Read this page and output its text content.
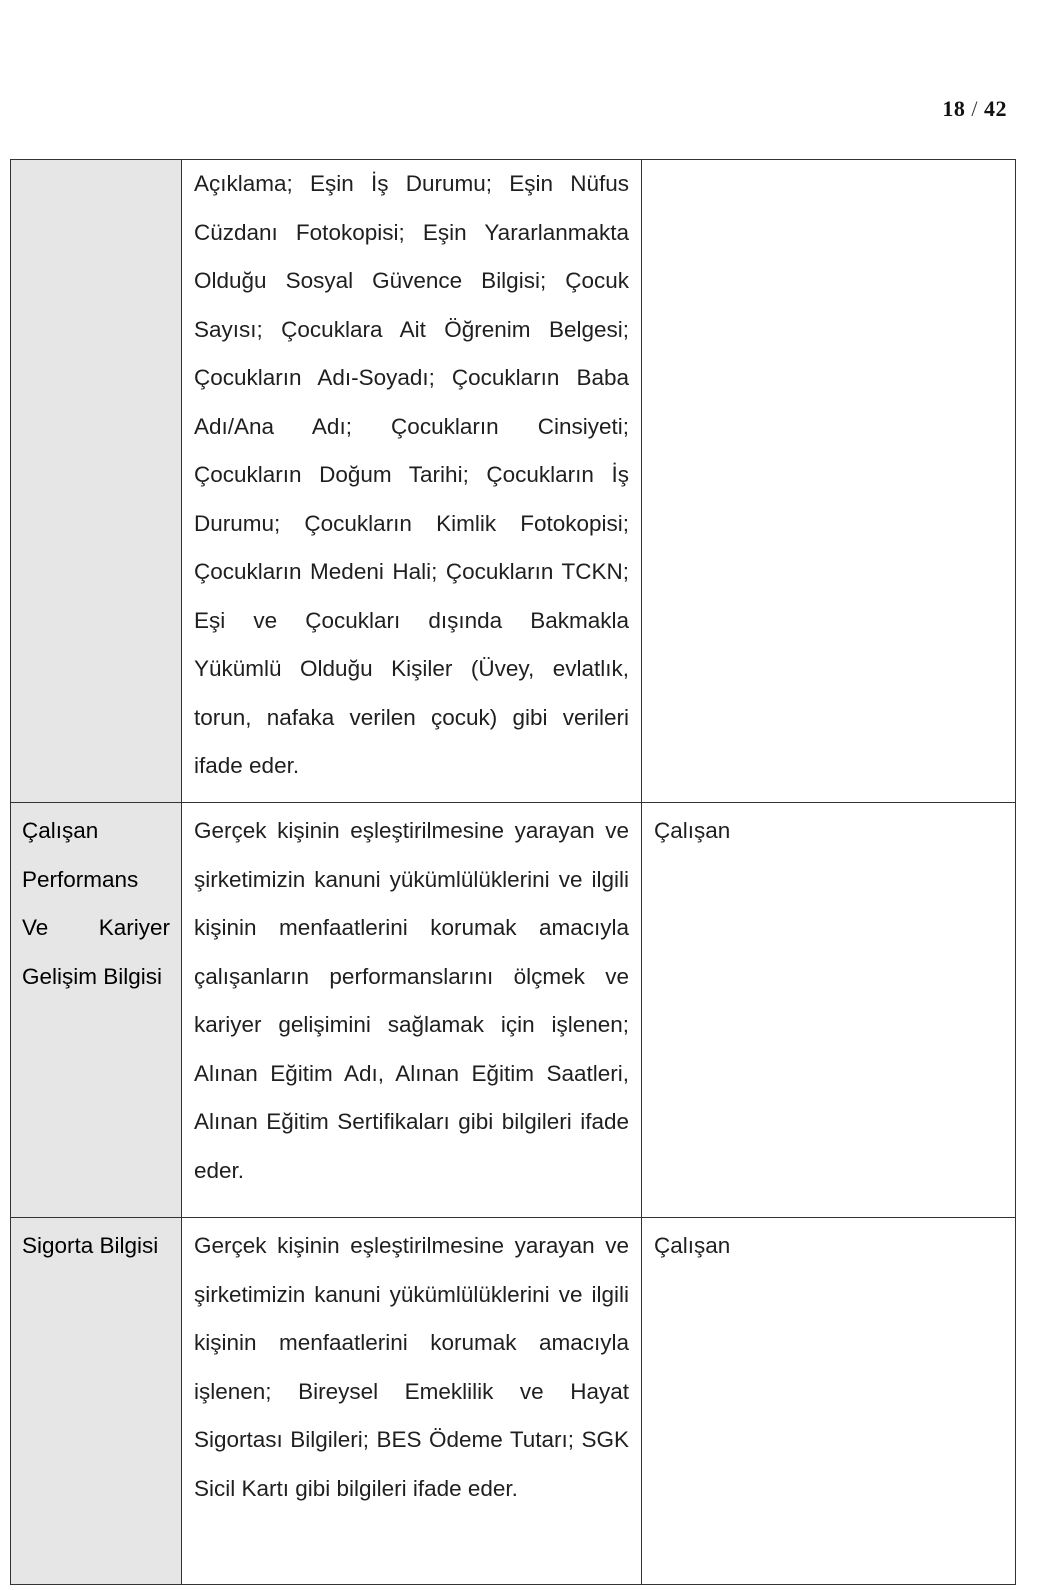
18 / 42
	Açıklama; Eşin İş Durumu; Eşin Nüfus Cüzdanı Fotokopisi; Eşin Yararlanmakta Olduğu Sosyal Güvence Bilgisi; Çocuk Sayısı; Çocuklara Ait Öğrenim Belgesi; Çocukların Adı-Soyadı; Çocukların Baba Adı/Ana Adı; Çocukların Cinsiyeti; Çocukların Doğum Tarihi; Çocukların İş Durumu; Çocukların Kimlik Fotokopisi; Çocukların Medeni Hali; Çocukların TCKN; Eşi ve Çocukları dışında Bakmakla Yükümlü Olduğu Kişiler (Üvey, evlatlık, torun, nafaka verilen çocuk) gibi verileri ifade eder.	
Çalışan Performans Ve Kariyer Gelişim Bilgisi	Gerçek kişinin eşleştirilmesine yarayan ve şirketimizin kanuni yükümlülüklerini ve ilgili kişinin menfaatlerini korumak amacıyla çalışanların performanslarını ölçmek ve kariyer gelişimini sağlamak için işlenen; Alınan Eğitim Adı, Alınan Eğitim Saatleri, Alınan Eğitim Sertifikaları gibi bilgileri ifade eder.	Çalışan
Sigorta Bilgisi	Gerçek kişinin eşleştirilmesine yarayan ve şirketimizin kanuni yükümlülüklerini ve ilgili kişinin menfaatlerini korumak amacıyla işlenen; Bireysel Emeklilik ve Hayat Sigortası Bilgileri; BES Ödeme Tutarı; SGK Sicil Kartı gibi bilgileri ifade eder.	Çalışan
